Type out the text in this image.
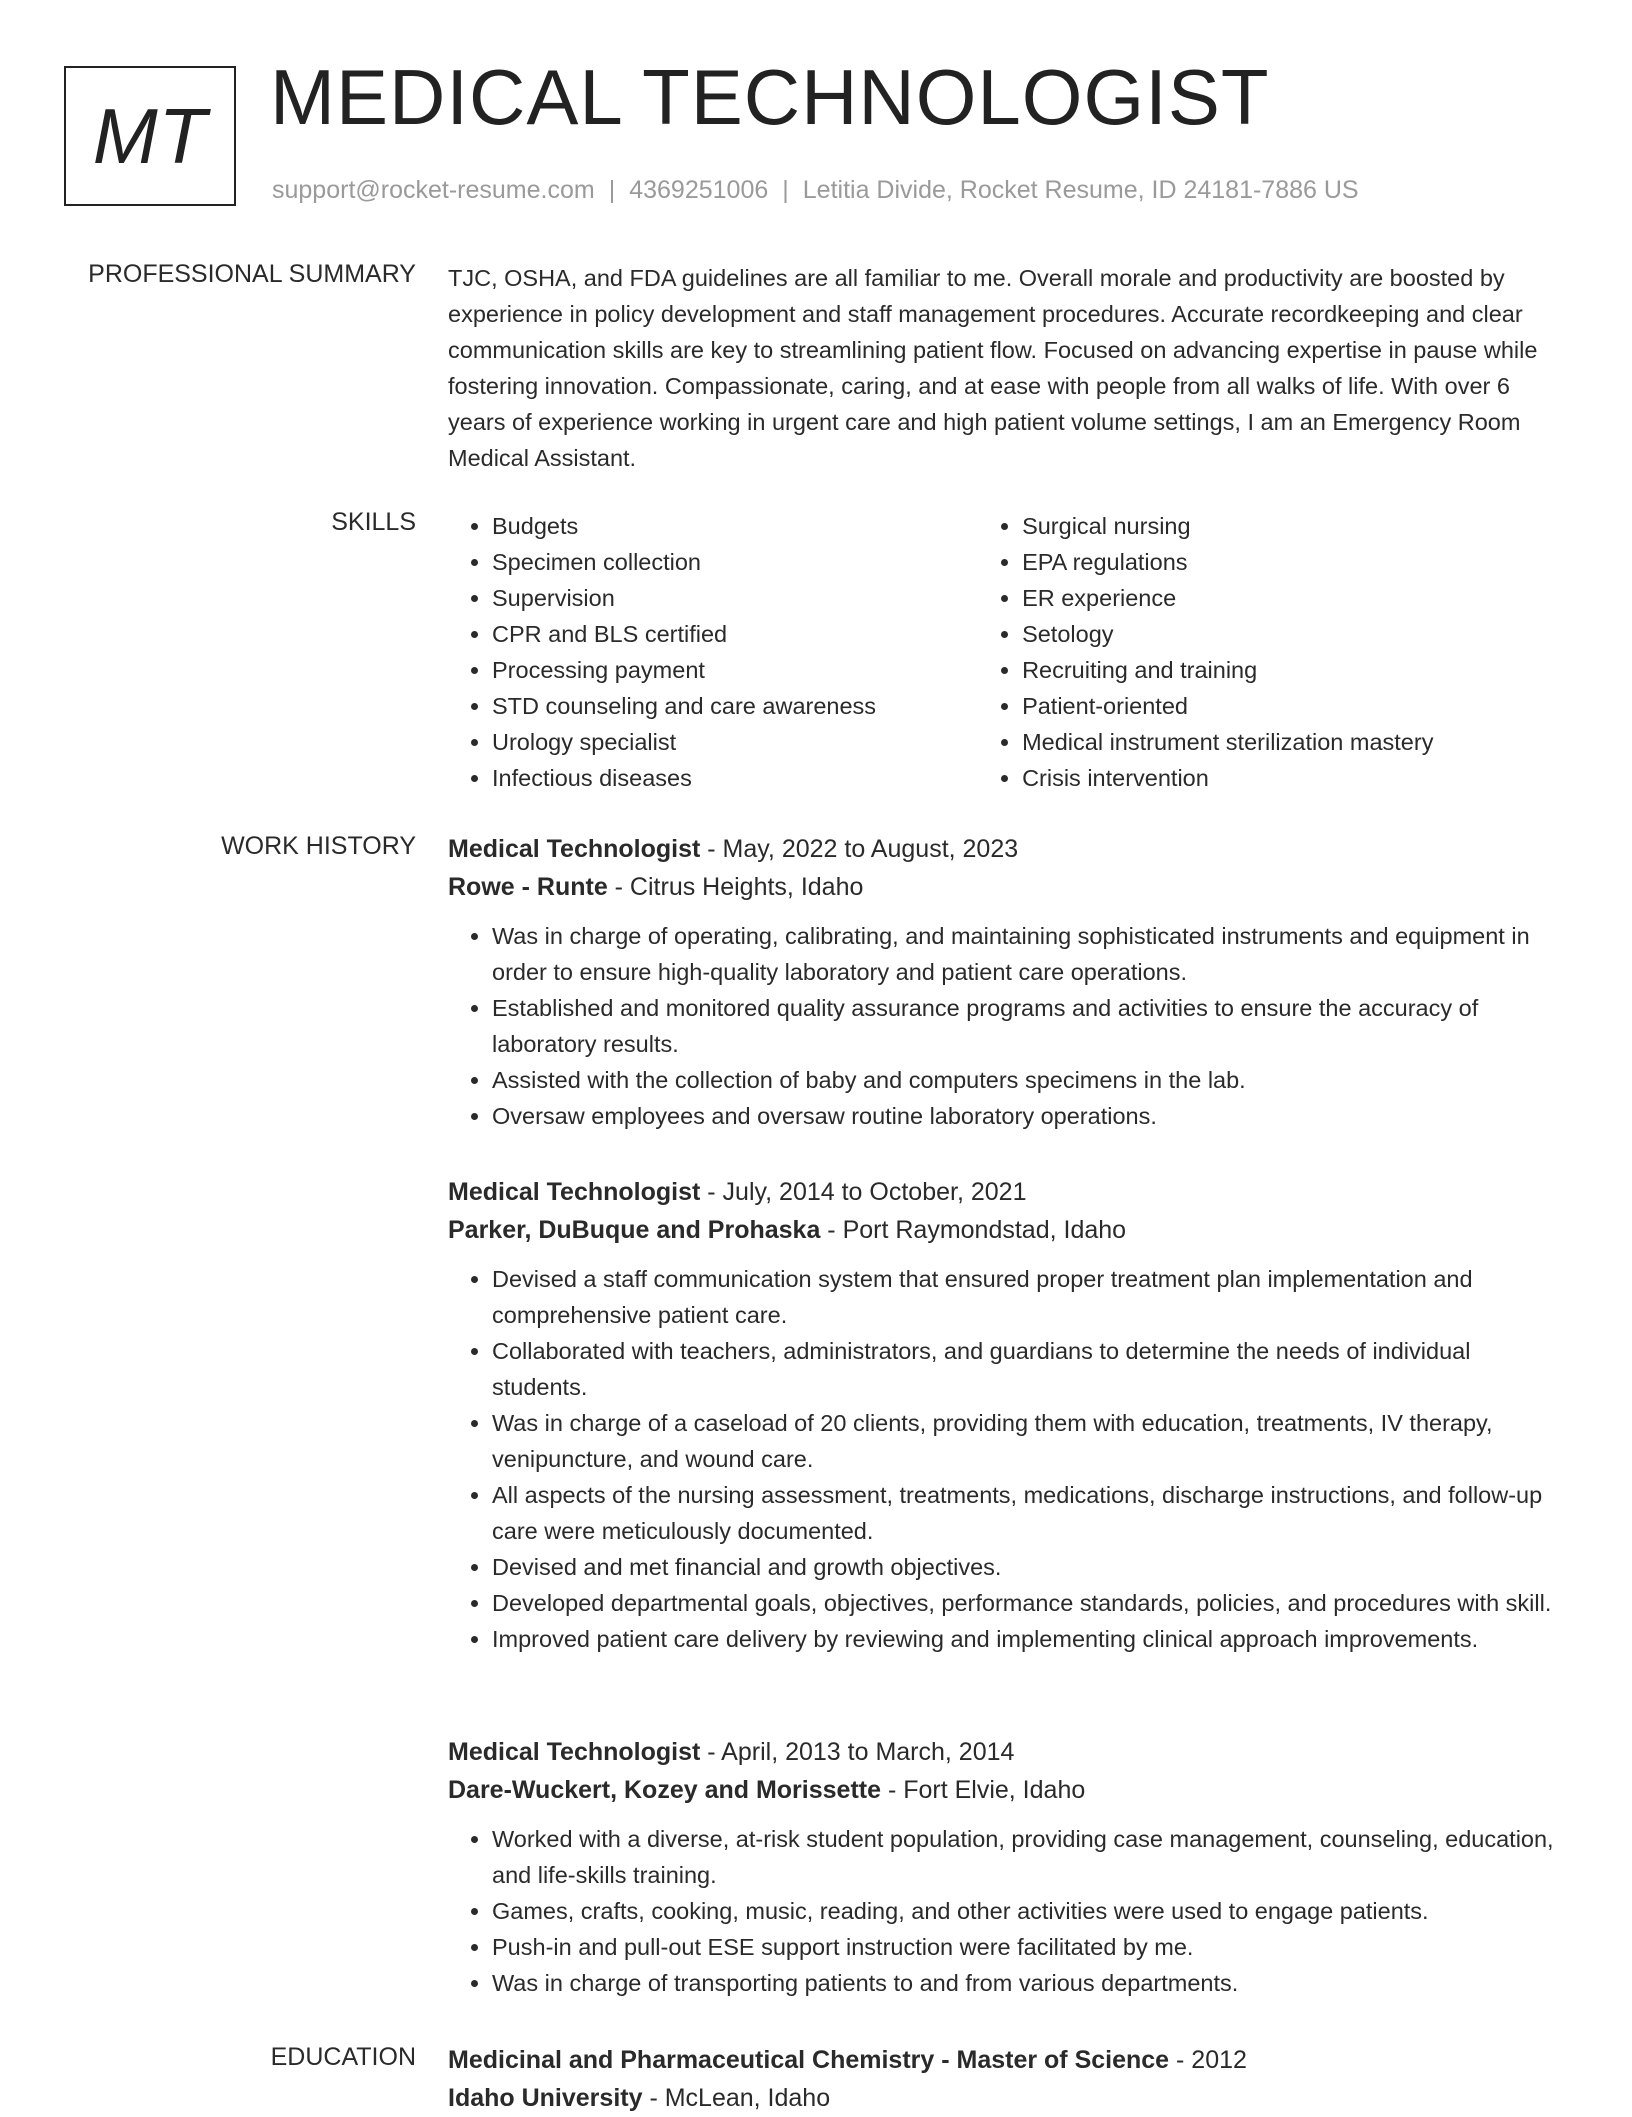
MT MEDICAL TECHNOLOGIST
support@rocket-resume.com | 4369251006 | Letitia Divide, Rocket Resume, ID 24181-7886 US
PROFESSIONAL SUMMARY TJC, OSHA, and FDA guidelines are all familiar to me. Overall morale and productivity are boosted by experience in policy development and staff management procedures. Accurate recordkeeping and clear communication skills are key to streamlining patient flow. Focused on advancing expertise in pause while fostering innovation. Compassionate, caring, and at ease with people from all walks of life. With over 6 years of experience working in urgent care and high patient volume settings, I am an Emergency Room Medical Assistant.

SKILLS
•	Budgets
• Specimen collection
• Supervision
• CPR and BLS certified
• Processing payment
• STD counseling and care awareness
• Urology specialist
• Infectious diseases
• Surgical nursing
• EPA regulations
• ER experience
• Setology
• Recruiting and training
• Patient-oriented
• Medical instrument sterilization mastery
• Crisis intervention
WORK HISTORY Medical Technologist - May, 2022 to August, 2023
Rowe - Runte - Citrus Heights, Idaho
• Was in charge of operating, calibrating, and maintaining sophisticated instruments and equipment in order to ensure high-quality laboratory and patient care operations.
• Established and monitored quality assurance programs and activities to ensure the accuracy of laboratory results.
• Assisted with the collection of baby and computers specimens in the lab.
• Oversaw employees and oversaw routine laboratory operations.
Medical Technologist - July, 2014 to October, 2021
Parker, DuBuque and Prohaska - Port Raymondstad, Idaho
• Devised a staff communication system that ensured proper treatment plan implementation and comprehensive patient care.
• Collaborated with teachers, administrators, and guardians to determine the needs of individual students.
• Was in charge of a caseload of 20 clients, providing them with education, treatments, IV therapy, venipuncture, and wound care.
• All aspects of the nursing assessment, treatments, medications, discharge instructions, and follow-up care were meticulously documented.
• Devised and met financial and growth objectives.
• Developed departmental goals, objectives, performance standards, policies, and procedures with skill.
• Improved patient care delivery by reviewing and implementing clinical approach improvements.
Medical Technologist - April, 2013 to March, 2014
Dare-Wuckert, Kozey and Morissette - Fort Elvie, Idaho
• Worked with a diverse, at-risk student population, providing case management, counseling, education, and life-skills training.
• Games, crafts, cooking, music, reading, and other activities were used to engage patients.
• Push-in and pull-out ESE support instruction were facilitated by me.
• Was in charge of transporting patients to and from various departments.
EDUCATION Medicinal and Pharmaceutical Chemistry - Master of Science - 2012
Idaho University - McLean, Idaho
